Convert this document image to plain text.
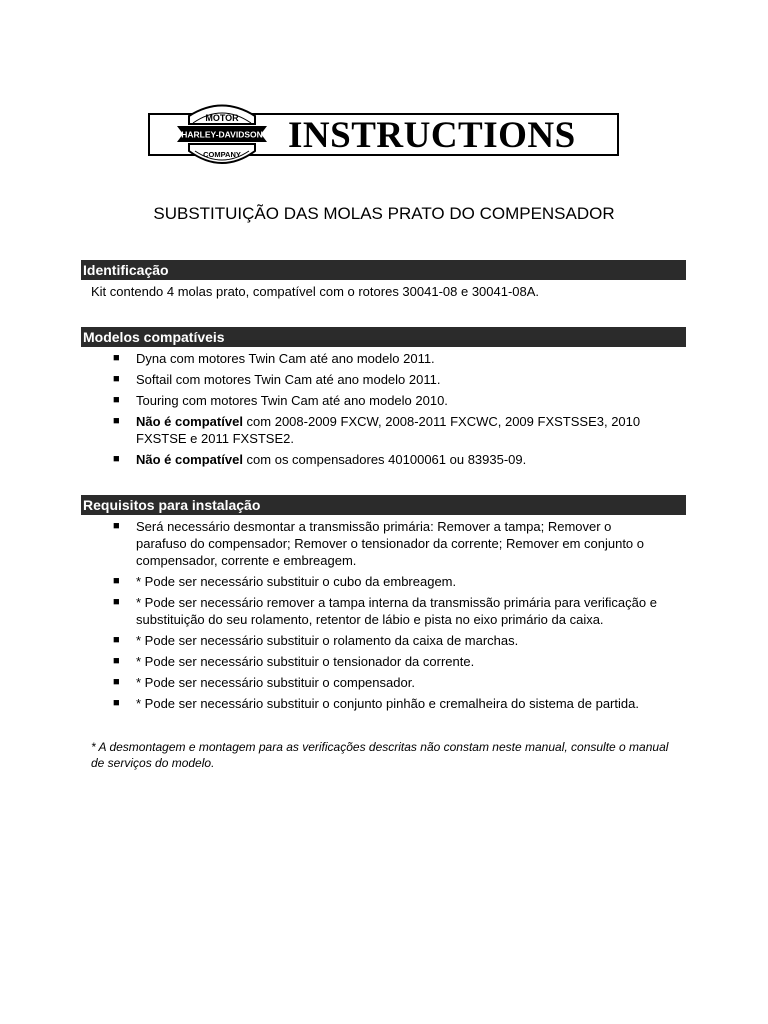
MOTOR
COMPANY
HARLEY-DAVIDSON INSTRUCTIONS
SUBSTITUIÇÃO DAS MOLAS PRATO DO COMPENSADOR
Identificação
Kit contendo 4 molas prato, compatível com o rotores 30041-08 e 30041-08A.
Modelos compatíveis
■ Dyna com motores Twin Cam até ano modelo 2011.
■ Softail com motores Twin Cam até ano modelo 2011.
■ Touring com motores Twin Cam até ano modelo 2010.
■ Não é compatível com 2008-2009 FXCW, 2008-2011 FXCWC, 2009 FXSTSSE3, 2010 FXSTSE e 2011 FXSTSE2.
■ Não é compatível com os compensadores 40100061 ou 83935-09.
Requisitos para instalação
■ Será necessário desmontar a transmissão primária: Remover a tampa; Remover o parafuso do compensador; Remover o tensionador da corrente; Remover em conjunto o compensador, corrente e embreagem.
■ * Pode ser necessário substituir o cubo da embreagem.
■ * Pode ser necessário remover a tampa interna da transmissão primária para verificação e substituição do seu rolamento, retentor de lábio e pista no eixo primário da caixa.
■ * Pode ser necessário substituir o rolamento da caixa de marchas.
■ * Pode ser necessário substituir o tensionador da corrente.
■ * Pode ser necessário substituir o compensador.
■ * Pode ser necessário substituir o conjunto pinhão e cremalheira do sistema de partida.
* A desmontagem e montagem para as verificações descritas não constam neste manual, consulte o manual de serviços do modelo.
